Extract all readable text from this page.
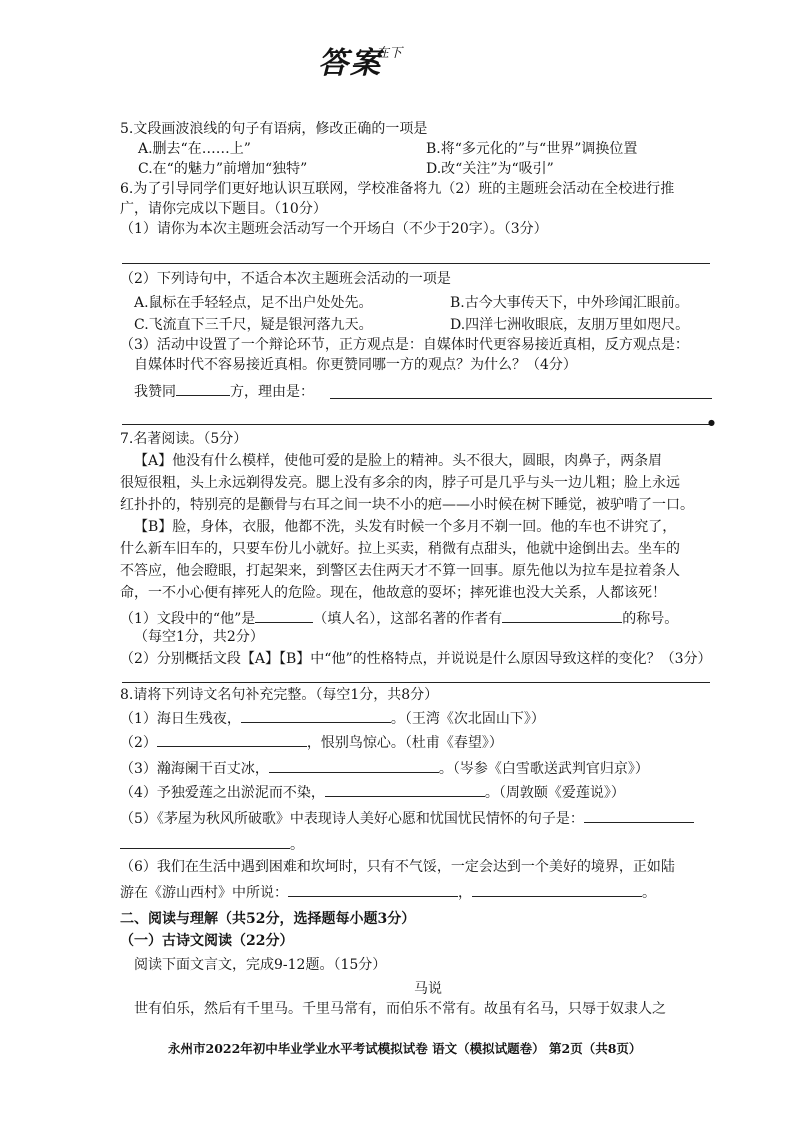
答案
在下
5.文段画波浪线的句子有语病，修改正确的一项是
A.删去“在……上”	B.将“多元化的”与“世界”调换位置
C.在“的魅力”前增加“独特”	D.改“关注”为“吸引”
6.为了引导同学们更好地认识互联网，学校准备将九（2）班的主题班会活动在全校进行推
广，请你完成以下题目。（10分）
（1）请你为本次主题班会活动写一个开场白（不少于20字）。（3分）
（2）下列诗句中，不适合本次主题班会活动的一项是
A.鼠标在手轻轻点，足不出户处处先。	B.古今大事传天下，中外珍闻汇眼前。
C.飞流直下三千尺，疑是银河落九天。	D.四洋七洲收眼底，友朋万里如咫尺。
（3）活动中设置了一个辩论环节，正方观点是：自媒体时代更容易接近真相，反方观点是：
自媒体时代不容易接近真相。你更赞同哪一方的观点？为什么？（4分）
我赞同	方，理由是：
●
7.名著阅读。（5分）
【A】他没有什么模样，使他可爱的是脸上的精神。头不很大，圆眼，肉鼻子，两条眉
很短很粗，头上永远剃得发亮。腮上没有多余的肉，脖子可是几乎与头一边儿粗；脸上永远
红扑扑的，特别亮的是颧骨与右耳之间一块不小的疤——小时候在树下睡觉，被驴啃了一口。
【B】脸，身体，衣服，他都不洗，头发有时候一个多月不剃一回。他的车也不讲究了，
什么新车旧车的，只要车份儿小就好。拉上买卖，稍微有点甜头，他就中途倒出去。坐车的
不答应，他会瞪眼，打起架来，到警区去住两天才不算一回事。原先他以为拉车是拉着条人
命，一不小心便有摔死人的危险。现在，他故意的耍坏；摔死谁也没大关系，人都该死！
（1）文段中的“他”是	（填人名），这部名著的作者有	的称号。
（每空1分，共2分）
（2）分别概括文段【A】【B】中“他”的性格特点，并说说是什么原因导致这样的变化？（3分）
8.请将下列诗文名句补充完整。（每空1分，共8分）
（1）海日生残夜，	。（王湾《次北固山下》）
（2）	，恨别鸟惊心。（杜甫《春望》）
（3）瀚海阑干百丈冰，	。（岑参《白雪歌送武判官归京》）
（4）予独爱莲之出淤泥而不染，	。（周敦颐《爱莲说》）
（5）《茅屋为秋风所破歌》中表现诗人美好心愿和忧国忧民情怀的句子是：
。
（6）我们在生活中遇到困难和坎坷时，只有不气馁，一定会达到一个美好的境界，正如陆
游在《游山西村》中所说：	，	。
二、阅读与理解（共52分，选择题每小题3分）
（一）古诗文阅读（22分）
阅读下面文言文，完成9-12题。（15分）
马说
世有伯乐，然后有千里马。千里马常有，而伯乐不常有。故虽有名马，只辱于奴隶人之
永州市2022年初中毕业学业水平考试模拟试卷 语文（模拟试题卷） 第2页（共8页）
